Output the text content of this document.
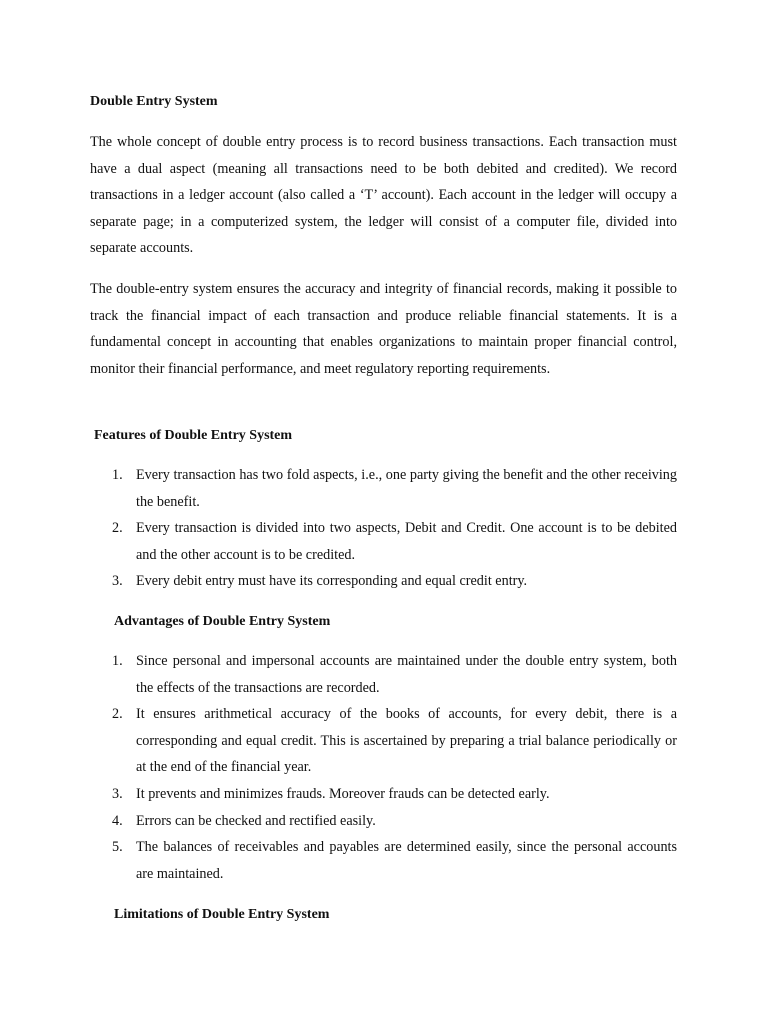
Double Entry System

The whole concept of double entry process is to record business transactions. Each transaction must have a dual aspect (meaning all transactions need to be both debited and credited). We record transactions in a ledger account (also called a ‘T’ account). Each account in the ledger will occupy a separate page; in a computerized system, the ledger will consist of a computer file, divided into separate accounts.

The double-entry system ensures the accuracy and integrity of financial records, making it possible to track the financial impact of each transaction and produce reliable financial statements. It is a fundamental concept in accounting that enables organizations to maintain proper financial control, monitor their financial performance, and meet regulatory reporting requirements.

Features of Double Entry System
1. Every transaction has two fold aspects, i.e., one party giving the benefit and the other receiving the benefit.
2. Every transaction is divided into two aspects, Debit and Credit. One account is to be debited and the other account is to be credited.
3. Every debit entry must have its corresponding and equal credit entry.
Advantages of Double Entry System
1. Since personal and impersonal accounts are maintained under the double entry system, both the effects of the transactions are recorded.
2. It ensures arithmetical accuracy of the books of accounts, for every debit, there is a corresponding and equal credit. This is ascertained by preparing a trial balance periodically or at the end of the financial year.
3. It prevents and minimizes frauds. Moreover frauds can be detected early.
4. Errors can be checked and rectified easily.
5. The balances of receivables and payables are determined easily, since the personal accounts are maintained.
Limitations of Double Entry System
